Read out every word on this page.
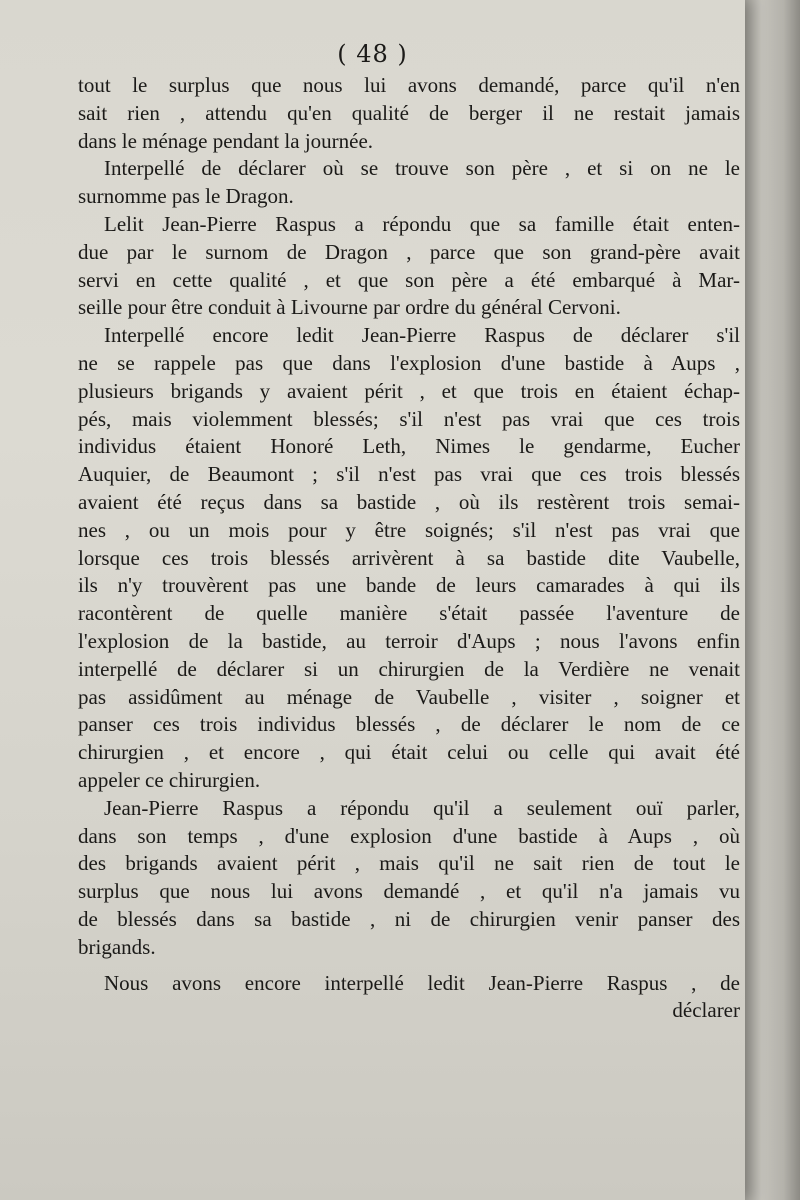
( 48 )

tout le surplus que nous lui avons demandé, parce qu'il n'en
sait rien , attendu qu'en qualité de berger il ne restait jamais
dans le ménage pendant la journée.

Interpellé de déclarer où se trouve son père , et si on ne le
surnomme pas le Dragon.

Lelit Jean-Pierre Raspus a répondu que sa famille était enten-
due par le surnom de Dragon , parce que son grand-père avait
servi en cette qualité , et que son père a été embarqué à Mar-
seille pour être conduit à Livourne par ordre du général Cervoni.

Interpellé encore ledit Jean-Pierre Raspus de déclarer s'il
ne se rappele pas que dans l'explosion d'une bastide à Aups ,
plusieurs brigands y avaient périt , et que trois en étaient échap-
pés, mais violemment blessés; s'il n'est pas vrai que ces trois
individus étaient Honoré Leth, Nimes le gendarme, Eucher
Auquier, de Beaumont ; s'il n'est pas vrai que ces trois blessés
avaient été reçus dans sa bastide , où ils restèrent trois semai-
nes , ou un mois pour y être soignés; s'il n'est pas vrai que
lorsque ces trois blessés arrivèrent à sa bastide dite Vaubelle,
ils n'y trouvèrent pas une bande de leurs camarades à qui ils
racontèrent de quelle manière s'était passée l'aventure de
l'explosion de la bastide, au terroir d'Aups ; nous l'avons enfin
interpellé de déclarer si un chirurgien de la Verdière ne venait
pas assidûment au ménage de Vaubelle , visiter , soigner et
panser ces trois individus blessés , de déclarer le nom de ce
chirurgien , et encore , qui était celui ou celle qui avait été
appeler ce chirurgien.

Jean-Pierre Raspus a répondu qu'il a seulement ouï parler,
dans son temps , d'une explosion d'une bastide à Aups , où
des brigands avaient périt , mais qu'il ne sait rien de tout le
surplus que nous lui avons demandé , et qu'il n'a jamais vu
de blessés dans sa bastide , ni de chirurgien venir panser des
brigands.

Nous avons encore interpellé ledit Jean-Pierre Raspus , de
déclarer
